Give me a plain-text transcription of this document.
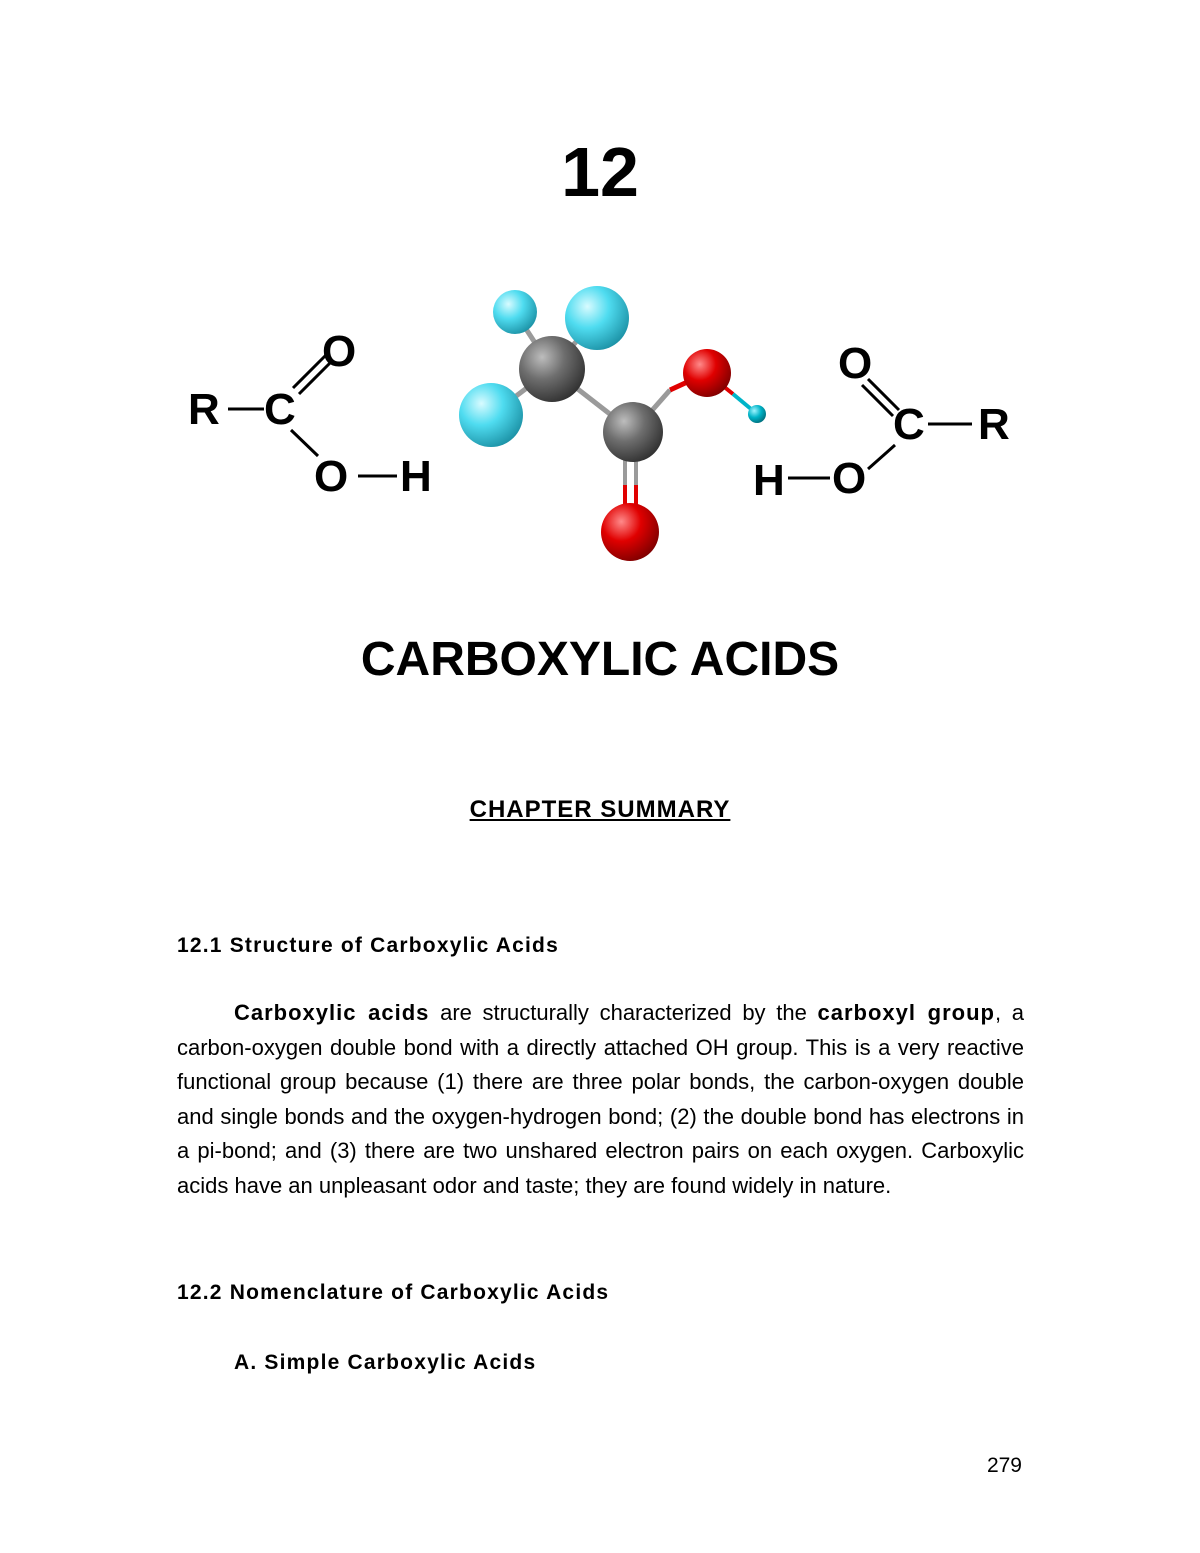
12
R C
O
O H
O
C R
H O
CARBOXYLIC ACIDS
CHAPTER SUMMARY
12.1 Structure of Carboxylic Acids

Carboxylic acids are structurally characterized by the carboxyl group, a carbon-oxygen double bond with a directly attached OH group. This is a very reactive functional group because (1) there are three polar bonds, the carbon-oxygen double and single bonds and the oxygen-hydrogen bond; (2) the double bond has electrons in a pi-bond; and (3) there are two unshared electron pairs on each oxygen. Carboxylic acids have an unpleasant odor and taste; they are found widely in nature.

12.2 Nomenclature of Carboxylic Acids
A. Simple Carboxylic Acids
279
